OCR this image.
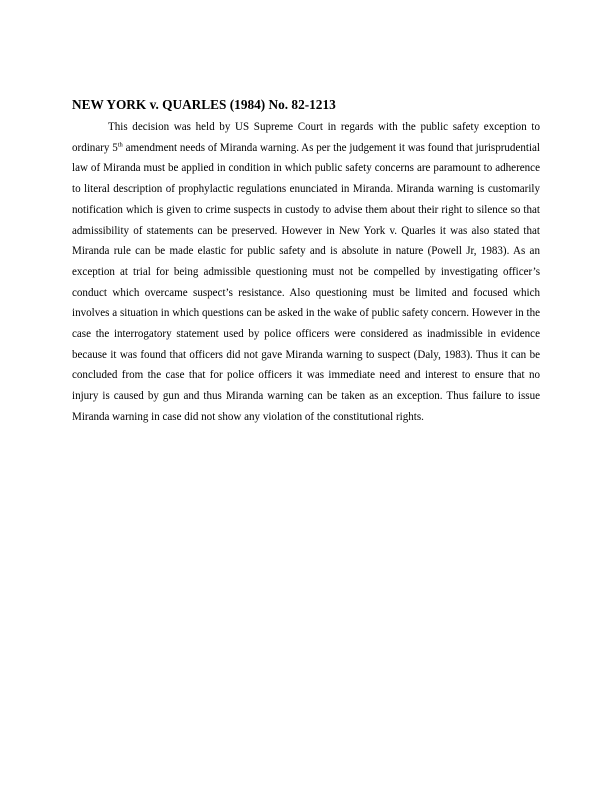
NEW YORK v. QUARLES (1984) No. 82-1213

This decision was held by US Supreme Court in regards with the public safety exception to ordinary 5th amendment needs of Miranda warning. As per the judgement it was found that jurisprudential law of Miranda must be applied in condition in which public safety concerns are paramount to adherence to literal description of prophylactic regulations enunciated in Miranda. Miranda warning is customarily notification which is given to crime suspects in custody to advise them about their right to silence so that admissibility of statements can be preserved. However in New York v. Quarles it was also stated that Miranda rule can be made elastic for public safety and is absolute in nature (Powell Jr, 1983). As an exception at trial for being admissible questioning must not be compelled by investigating officer’s conduct which overcame suspect’s resistance. Also questioning must be limited and focused which involves a situation in which questions can be asked in the wake of public safety concern. However in the case the interrogatory statement used by police officers were considered as inadmissible in evidence because it was found that officers did not gave Miranda warning to suspect (Daly, 1983). Thus it can be concluded from the case that for police officers it was immediate need and interest to ensure that no injury is caused by gun and thus Miranda warning can be taken as an exception. Thus failure to issue Miranda warning in case did not show any violation of the constitutional rights.
